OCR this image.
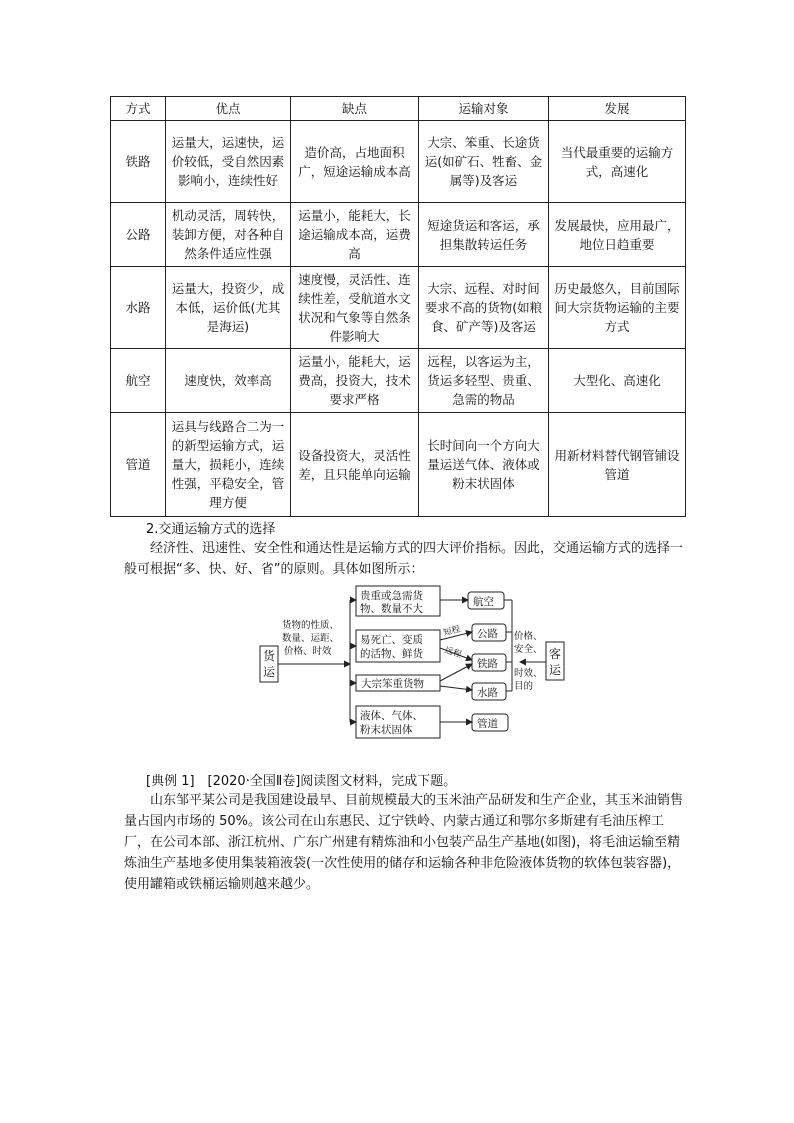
方式	优点	缺点	运输对象	发展
铁路	运量大，运速快，运价较低，受自然因素影响小，连续性好	造价高，占地面积广，短途运输成本高	大宗、笨重、长途货运(如矿石、牲畜、金属等)及客运	当代最重要的运输方式，高速化
公路	机动灵活，周转快，装卸方便，对各种自然条件适应性强	运量小，能耗大，长途运输成本高，运费高	短途货运和客运，承担集散转运任务	发展最快，应用最广，地位日趋重要
水路	运量大，投资少，成本低，运价低(尤其是海运)	速度慢，灵活性、连续性差，受航道水文状况和气象等自然条件影响大	大宗、远程、对时间要求不高的货物(如粮食、矿产等)及客运	历史最悠久，目前国际间大宗货物运输的主要方式
航空	速度快，效率高	运量小，能耗大，运费高，投资大，技术要求严格	远程，以客运为主，货运多轻型、贵重、急需的物品	大型化、高速化
管道	运具与线路合二为一的新型运输方式，运量大，损耗小，连续性强，平稳安全，管理方便	设备投资大，灵活性差，且只能单向运输	长时间向一个方向大量运送气体、液体或粉末状固体	用新材料替代钢管铺设管道
2.交通运输方式的选择

经济性、迅速性、安全性和通达性是运输方式的四大评价指标。因此，交通运输方式的选择一般可根据“多、快、好、省”的原则。具体如图所示：

货
运
货物的性质、
数量、运距、
价格、时效
贵重或急需货
物、数量不大
易死亡、变质
的活物、鲜货
大宗笨重货物
液体、气体、
粉末状固体
航空
公路
铁路
水路
管道
短程
远程
价格、
安全、
时效、
目的
客
运
[典例 1]　[2020·全国Ⅱ卷]阅读图文材料，完成下题。

山东邹平某公司是我国建设最早、目前规模最大的玉米油产品研发和生产企业，其玉米油销售量占国内市场的 50%。该公司在山东惠民、辽宁铁岭、内蒙古通辽和鄂尔多斯建有毛油压榨工厂，在公司本部、浙江杭州、广东广州建有精炼油和小包装产品生产基地(如图)，将毛油运输至精炼油生产基地多使用集装箱液袋(一次性使用的储存和运输各种非危险液体货物的软体包装容器)，使用罐箱或铁桶运输则越来越少。
